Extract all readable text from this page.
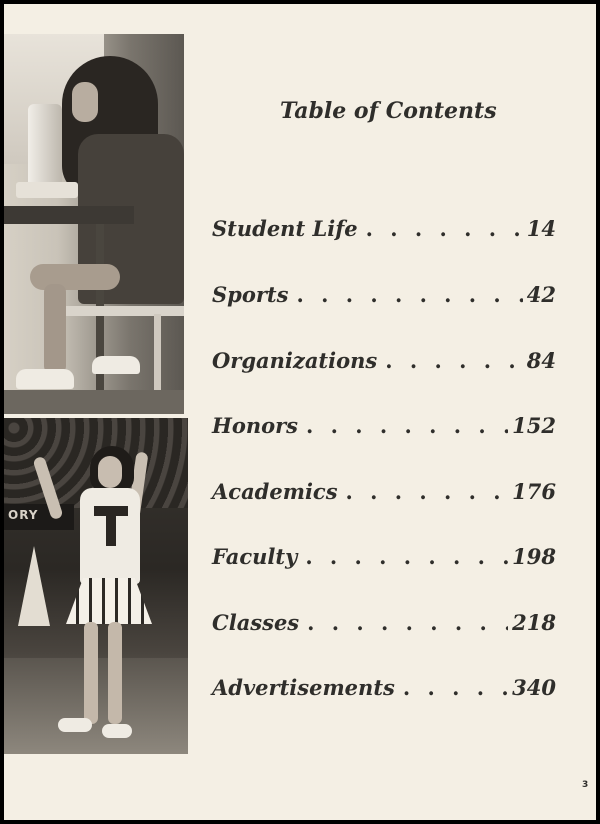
ORY
Table of Contents
Student Life . . .	14
Sports . . .	42
Organizations . . .	84
Honors . . .	152
Academics . . .	176
Faculty . . .	198
Classes . . .	218
Advertisements . . .	340
3
